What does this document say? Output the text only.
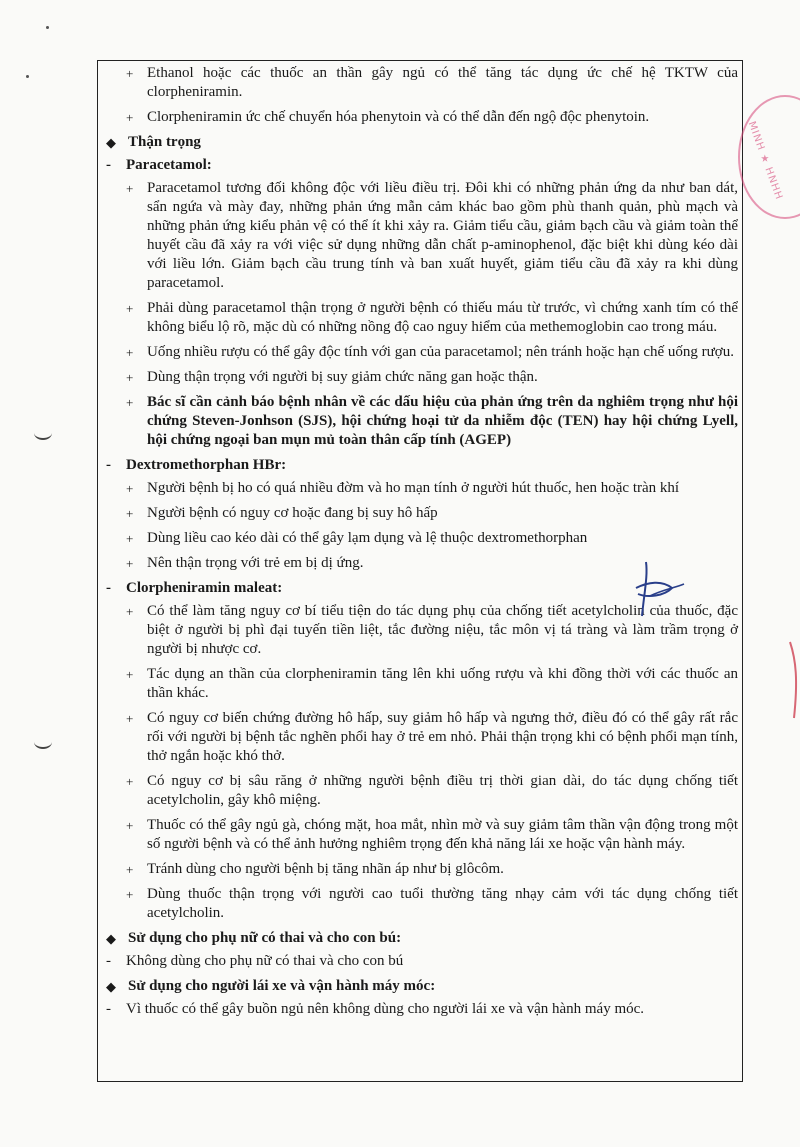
+ Ethanol hoặc các thuốc an thần gây ngủ có thể tăng tác dụng ức chế hệ TKTW của clorpheniramin.
+ Clorpheniramin ức chế chuyển hóa phenytoin và có thể dẫn đến ngộ độc phenytoin.
◆ Thận trọng
- Paracetamol:
+ Paracetamol tương đối không độc với liều điều trị. Đôi khi có những phản ứng da như ban dát, sẩn ngứa và mày đay, những phản ứng mẫn cảm khác bao gồm phù thanh quản, phù mạch và những phản ứng kiểu phản vệ có thể ít khi xảy ra. Giảm tiểu cầu, giảm bạch cầu và giảm toàn thể huyết cầu đã xảy ra với việc sử dụng những dẫn chất p-aminophenol, đặc biệt khi dùng kéo dài với liều lớn. Giảm bạch cầu trung tính và ban xuất huyết, giảm tiểu cầu đã xảy ra khi dùng paracetamol.
+ Phải dùng paracetamol thận trọng ở người bệnh có thiếu máu từ trước, vì chứng xanh tím có thể không biểu lộ rõ, mặc dù có những nồng độ cao nguy hiểm của methemoglobin cao trong máu.
+ Uống nhiều rượu có thể gây độc tính với gan của paracetamol; nên tránh hoặc hạn chế uống rượu.
+ Dùng thận trọng với người bị suy giảm chức năng gan hoặc thận.
+ Bác sĩ cần cảnh báo bệnh nhân về các dấu hiệu của phản ứng trên da nghiêm trọng như hội chứng Steven-Jonhson (SJS), hội chứng hoại tử da nhiễm độc (TEN) hay hội chứng Lyell, hội chứng ngoại ban mụn mủ toàn thân cấp tính (AGEP)
- Dextromethorphan HBr:
+ Người bệnh bị ho có quá nhiều đờm và ho mạn tính ở người hút thuốc, hen hoặc tràn khí
+ Người bệnh có nguy cơ hoặc đang bị suy hô hấp
+ Dùng liều cao kéo dài có thể gây lạm dụng và lệ thuộc dextromethorphan
+ Nên thận trọng với trẻ em bị dị ứng.
- Clorpheniramin maleat:
+ Có thể làm tăng nguy cơ bí tiểu tiện do tác dụng phụ của chống tiết acetylcholin của thuốc, đặc biệt ở người bị phì đại tuyến tiền liệt, tắc đường niệu, tắc môn vị tá tràng và làm trầm trọng ở người bị nhược cơ.
+ Tác dụng an thần của clorpheniramin tăng lên khi uống rượu và khi đồng thời với các thuốc an thần khác.
+ Có nguy cơ biến chứng đường hô hấp, suy giảm hô hấp và ngưng thở, điều đó có thể gây rất rắc rối với người bị bệnh tắc nghẽn phổi hay ở trẻ em nhỏ. Phải thận trọng khi có bệnh phổi mạn tính, thở ngắn hoặc khó thở.
+ Có nguy cơ bị sâu răng ở những người bệnh điều trị thời gian dài, do tác dụng chống tiết acetylcholin, gây khô miệng.
+ Thuốc có thể gây ngủ gà, chóng mặt, hoa mắt, nhìn mờ và suy giảm tâm thần vận động trong một số người bệnh và có thể ảnh hưởng nghiêm trọng đến khả năng lái xe hoặc vận hành máy.
+ Tránh dùng cho người bệnh bị tăng nhãn áp như bị glôcôm.
+ Dùng thuốc thận trọng với người cao tuổi thường tăng nhạy cảm với tác dụng chống tiết acetylcholin.
◆ Sử dụng cho phụ nữ có thai và cho con bú:
- Không dùng cho phụ nữ có thai và cho con bú
◆ Sử dụng cho người lái xe và vận hành máy móc:
- Vì thuốc có thể gây buồn ngủ nên không dùng cho người lái xe và vận hành máy móc.
MINH ★ HNHH
